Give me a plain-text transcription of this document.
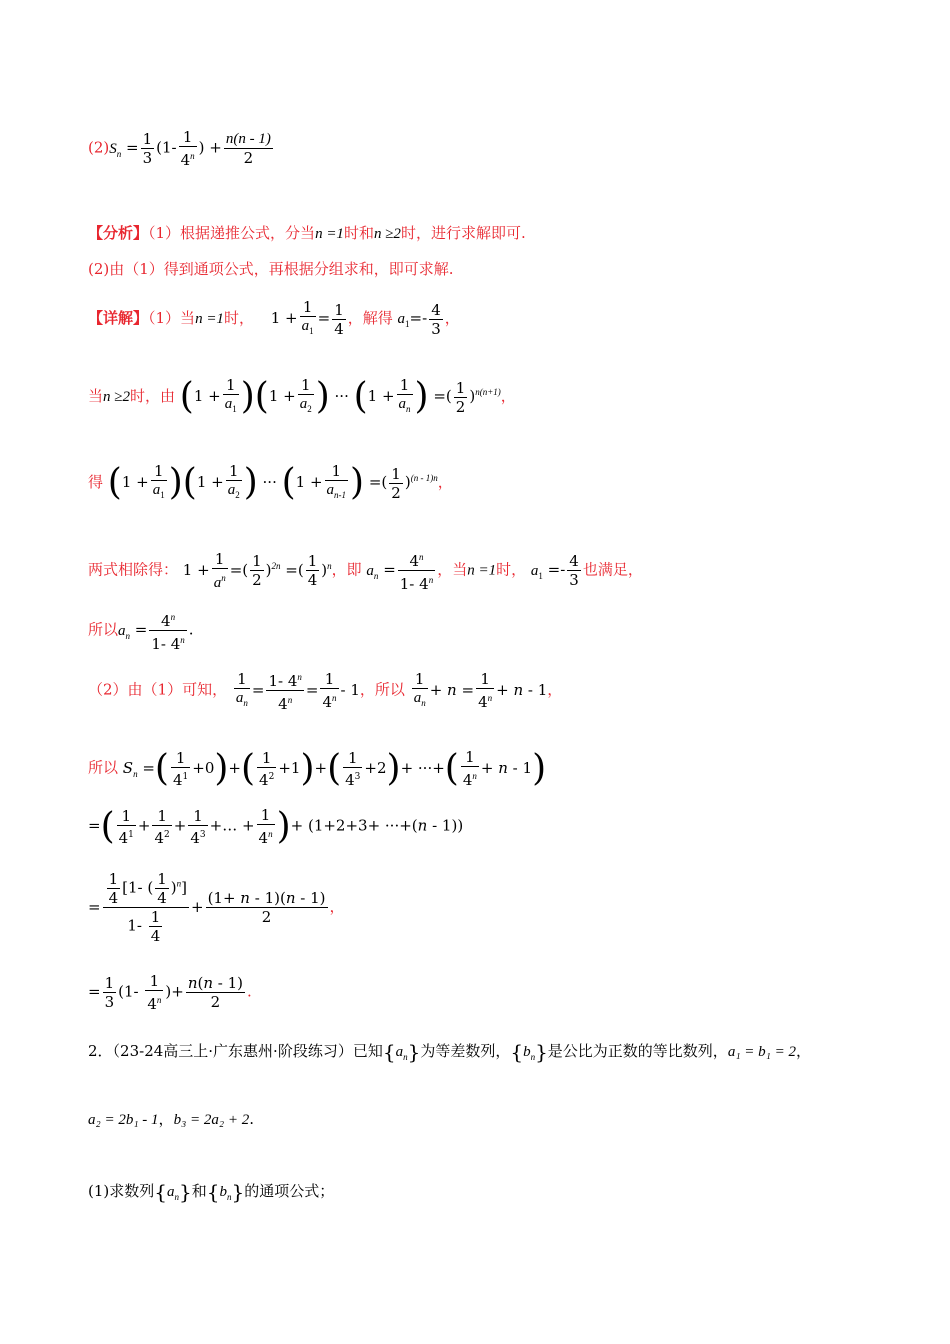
$(2)S_n = \frac{1}{3} (1- \frac{1}{4^n}$ ) + $\frac{n(n - 1)}{2}$
【分析】（1）根据递推公式，分当n =1时和n ≥2时，进行求解即可.
(2)由（1）得到通项公式，再根据分组求和，即可求解.
【详解】（1）当n =1时， $1 + \frac{1}{a_1} = \frac{1}{4}$ ，解得 $a_1=- \frac{4}{3}$ ，
当n ≥2时，由 $(1 + \frac{1}{a_1} )(1 + \frac{1}{a_2}$ ) ··· ($1 + \frac{1}{a_n}$ ) =( $\frac{1}{2} )^{n(n+1)}$，
得 $(1 + \frac{1}{a_1} )(1 + \frac{1}{a_2}$ ) ··· ($1 + \frac{1}{a_{n-1}}$ ) =( $\frac{1}{2} )^{(n - 1)n}$，
两式相除得： $1 + \frac{1}{a^n}$ =( $\frac{1}{2} )^{2n}$ =( $\frac{1}{4} )^n$，即 $a_n = \frac{4^n}{1- 4^n}$ ，当n =1时， $a_1 =- \frac{4}{3}$ 也满足，
所以$a_n = \frac{4^n}{1- 4^n}$ .
（2）由（1）可知， $\frac{1}{a_n} = \frac{1- 4^n}{4^n} = \frac{1}{4^n} - 1$，所以 $\frac{1}{a_n} + n = \frac{1}{4^n} + n - 1$，
所以 $S_n$ =( $\frac{1}{4^1} +0)+( \frac{1}{4^2} +1)+( \frac{1}{4^3} +2)+$ ···+( $\frac{1}{4^n} + n - 1$)
=( $\frac{1}{4^1} + \frac{1}{4^2} + \frac{1}{4^3}$ +… + $\frac{1}{4^n}$ )+ (1+2+3+ ···+(n - 1))
= $\frac{\frac{1}{4} [1- ( \frac{1}{4} )^n]}{1- \frac{1}{4}} + \frac{(1+ n - 1)(n - 1)}{2}$ ，
= $\frac{1}{3} (1- \frac{1}{4^n}$ )+ $\frac{n(n - 1)}{2}$ .
2．（23-24高三上·广东惠州·阶段练习）已知$\{a_n\}$为等差数列，$\{b_n\}$是公比为正数的等比数列，a₁ = b₁ = 2，
a₂ = 2b₁ - 1，b₃ = 2a₂ + 2.
(1)求数列$\{a_n\}$和$\{b_n\}$的通项公式；
